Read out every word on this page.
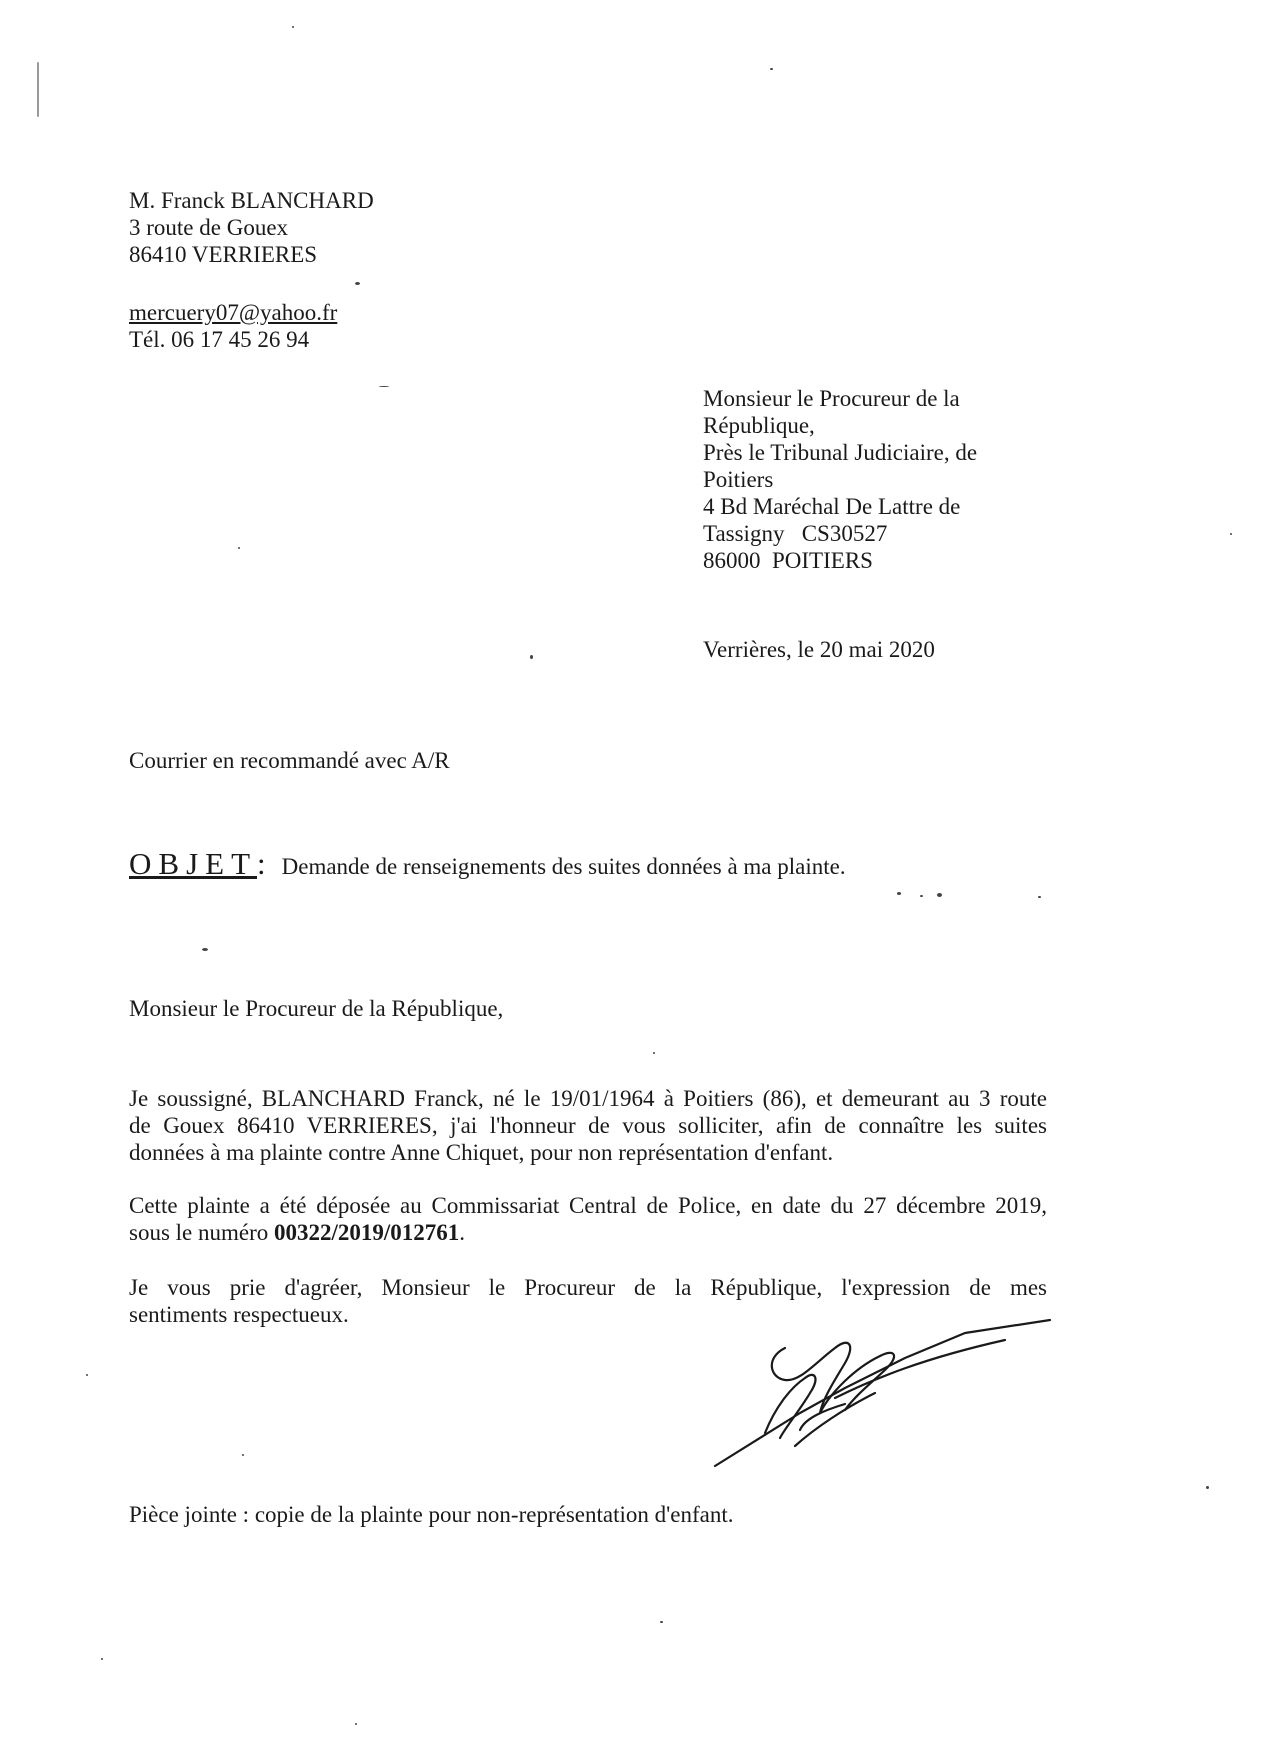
M. Franck BLANCHARD
3 route de Gouex
86410 VERRIERES
mercuery07@yahoo.fr
Tél. 06 17 45 26 94
Monsieur le Procureur de la
République,
Près le Tribunal Judiciaire, de
Poitiers
4 Bd Maréchal De Lattre de
Tassigny   CS30527
86000  POITIERS
Verrières, le 20 mai 2020
Courrier en recommandé avec A/R
OBJET: Demande de renseignements des suites données à ma plainte.
Monsieur le Procureur de la République,
Je soussigné, BLANCHARD Franck, né le 19/01/1964 à Poitiers (86), et demeurant au 3 route
de Gouex 86410 VERRIERES, j'ai l'honneur de vous solliciter, afin de connaître les suites
données à ma plainte contre Anne Chiquet, pour non représentation d'enfant.
Cette plainte a été déposée au Commissariat Central de Police, en date du 27 décembre 2019,
sous le numéro 00322/2019/012761.
Je vous prie d'agréer, Monsieur le Procureur de la République, l'expression de mes
sentiments respectueux.
Pièce jointe : copie de la plainte pour non-représentation d'enfant.
